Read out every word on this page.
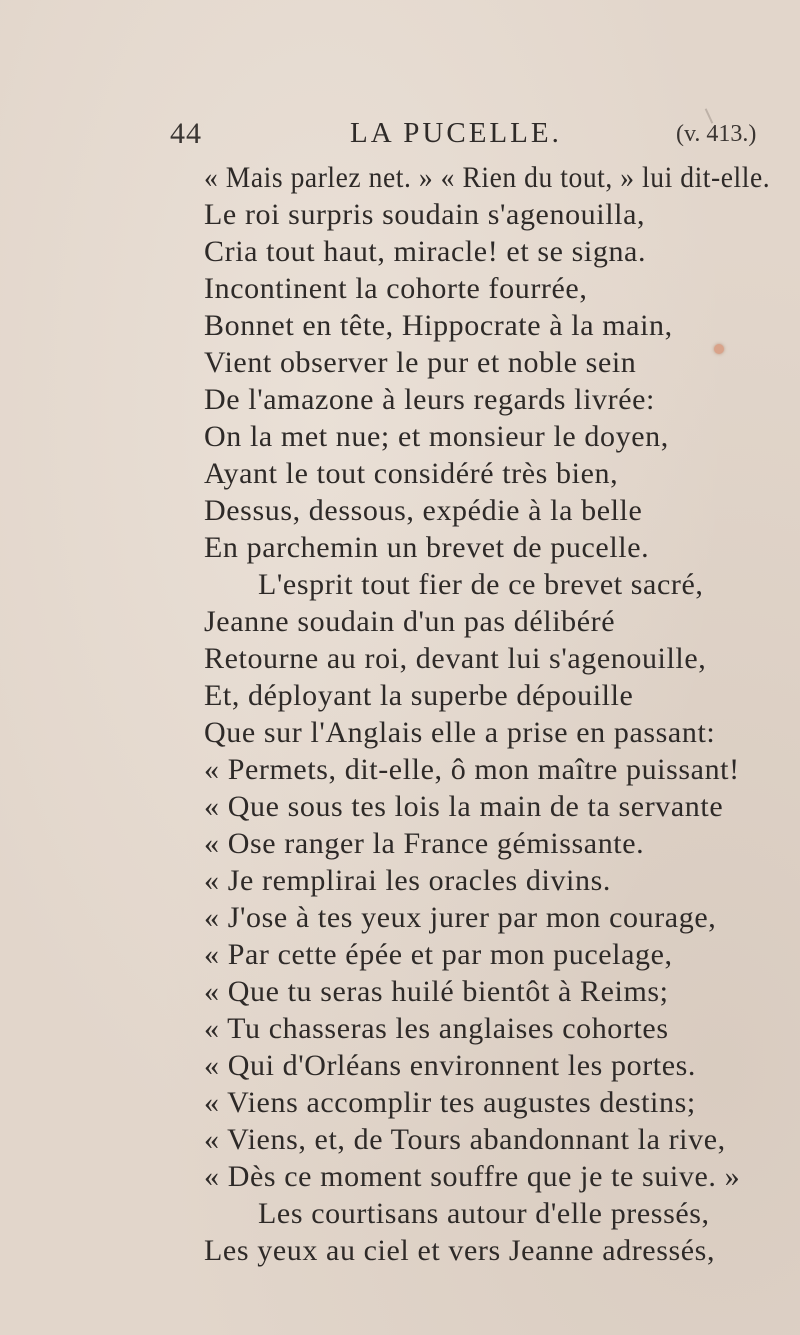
44	LA PUCELLE.	(v. 413.)
« Mais parlez net. » « Rien du tout, » lui dit-elle.
Le roi surpris soudain s'agenouilla,
Cria tout haut, miracle! et se signa.
Incontinent la cohorte fourrée,
Bonnet en tête, Hippocrate à la main,
Vient observer le pur et noble sein
De l'amazone à leurs regards livrée:
On la met nue; et monsieur le doyen,
Ayant le tout considéré très bien,
Dessus, dessous, expédie à la belle
En parchemin un brevet de pucelle.
L'esprit tout fier de ce brevet sacré,
Jeanne soudain d'un pas délibéré
Retourne au roi, devant lui s'agenouille,
Et, déployant la superbe dépouille
Que sur l'Anglais elle a prise en passant:
« Permets, dit-elle, ô mon maître puissant!
« Que sous tes lois la main de ta servante
« Ose ranger la France gémissante.
« Je remplirai les oracles divins.
« J'ose à tes yeux jurer par mon courage,
« Par cette épée et par mon pucelage,
« Que tu seras huilé bientôt à Reims;
« Tu chasseras les anglaises cohortes
« Qui d'Orléans environnent les portes.
« Viens accomplir tes augustes destins;
« Viens, et, de Tours abandonnant la rive,
« Dès ce moment souffre que je te suive. »
Les courtisans autour d'elle pressés,
Les yeux au ciel et vers Jeanne adressés,
